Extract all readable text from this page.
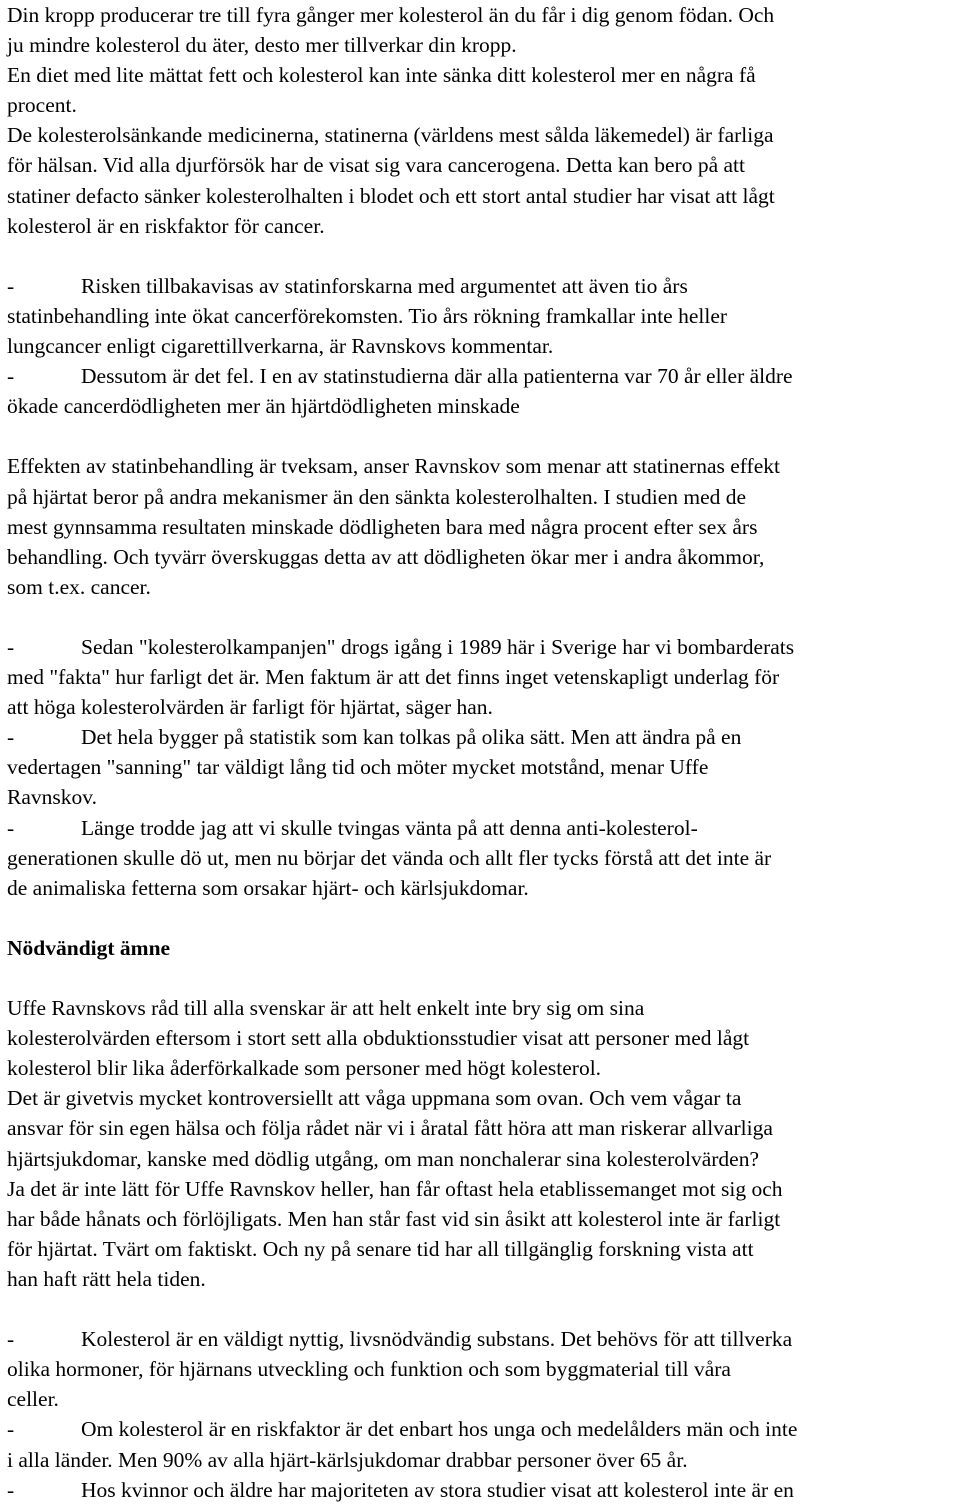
Din kropp producerar tre till fyra gånger mer kolesterol än du får i dig genom födan. Och
ju mindre kolesterol du äter, desto mer tillverkar din kropp.
En diet med lite mättat fett och kolesterol kan inte sänka ditt kolesterol mer en några få
procent.
De kolesterolsänkande medicinerna, statinerna (världens mest sålda läkemedel) är farliga
för hälsan. Vid alla djurförsök har de visat sig vara cancerogena. Detta kan bero på att
statiner defacto sänker kolesterolhalten i blodet och ett stort antal studier har visat att lågt
kolesterol är en riskfaktor för cancer.
-	Risken tillbakavisas av statinforskarna med argumentet att även tio års
statinbehandling inte ökat cancerförekomsten. Tio års rökning framkallar inte heller
lungcancer enligt cigarettillverkarna, är Ravnskovs kommentar.
-	Dessutom är det fel. I en av statinstudierna där alla patienterna var 70 år eller äldre
ökade cancerdödligheten mer än hjärtdödligheten minskade
Effekten av statinbehandling är tveksam, anser Ravnskov som menar att statinernas effekt
på hjärtat beror på andra mekanismer än den sänkta kolesterolhalten. I studien med de
mest gynnsamma resultaten minskade dödligheten bara med några procent efter sex års
behandling. Och tyvärr överskuggas detta av att dödligheten ökar mer i andra åkommor,
som t.ex. cancer.
-	Sedan "kolesterolkampanjen" drogs igång i 1989 här i Sverige har vi bombarderats
med "fakta" hur farligt det är. Men faktum är att det finns inget vetenskapligt underlag för
att höga kolesterolvärden är farligt för hjärtat, säger han.
-	Det hela bygger på statistik som kan tolkas på olika sätt. Men att ändra på en
vedertagen "sanning" tar väldigt lång tid och möter mycket motstånd, menar Uffe
Ravnskov.
-	Länge trodde jag att vi skulle tvingas vänta på att denna anti-kolesterol-
generationen skulle dö ut, men nu börjar det vända och allt fler tycks förstå att det inte är
de animaliska fetterna som orsakar hjärt- och kärlsjukdomar.
Nödvändigt ämne
Uffe Ravnskovs råd till alla svenskar är att helt enkelt inte bry sig om sina
kolesterolvärden eftersom i stort sett alla obduktionsstudier visat att personer med lågt
kolesterol blir lika åderförkalkade som personer med högt kolesterol.
Det är givetvis mycket kontroversiellt att våga uppmana som ovan. Och vem vågar ta
ansvar för sin egen hälsa och följa rådet när vi i åratal fått höra att man riskerar allvarliga
hjärtsjukdomar, kanske med dödlig utgång, om man nonchalerar sina kolesterolvärden?
Ja det är inte lätt för Uffe Ravnskov heller, han får oftast hela etablissemanget mot sig och
har både hånats och förlöjligats. Men han står fast vid sin åsikt att kolesterol inte är farligt
för hjärtat. Tvärt om faktiskt. Och ny på senare tid har all tillgänglig forskning vista att
han haft rätt hela tiden.
-	Kolesterol är en väldigt nyttig, livsnödvändig substans. Det behövs för att tillverka
olika hormoner, för hjärnans utveckling och funktion och som byggmaterial till våra
celler.
-	Om kolesterol är en riskfaktor är det enbart hos unga och medelålders män och inte
i alla länder. Men 90% av alla hjärt-kärlsjukdomar drabbar personer över 65 år.
-	Hos kvinnor och äldre har majoriteten av stora studier visat att kolesterol inte är en
